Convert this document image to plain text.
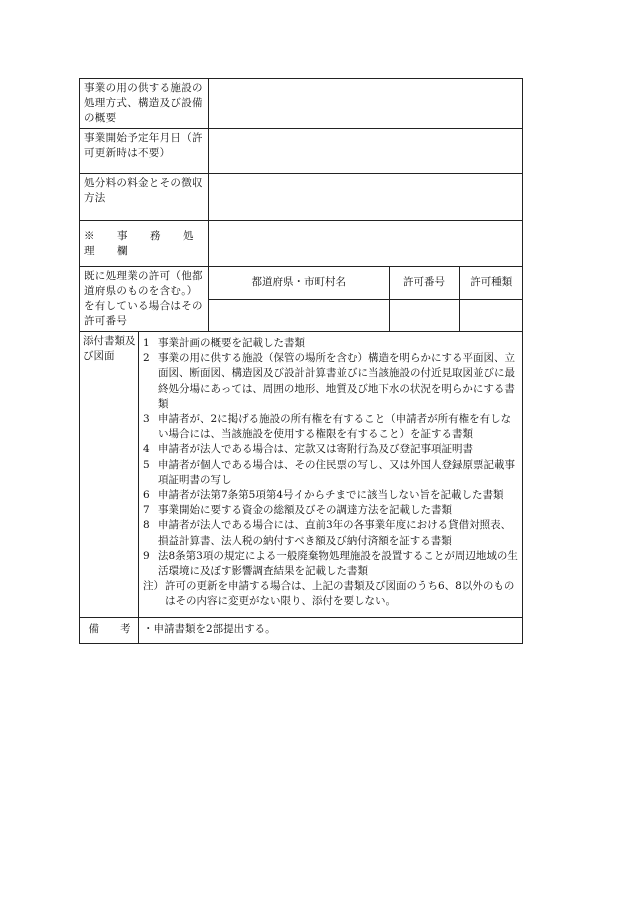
事業の用の供する施設の処理方式、構造及び設備の概要	
事業開始予定年月日（許可更新時は不要）	
処分料の料金とその徴収方法	
※　事　務　処　理　欄	
既に処理業の許可（他都道府県のものを含む。）を有している場合はその許可番号	
都道府県・市町村名	許可番号	許可種類

添付書類及び図面	
1 事業計画の概要を記載した書類
2 事業の用に供する施設（保管の場所を含む）構造を明らかにする平面図、立面図、断面図、構造図及び設計計算書並びに当該施設の付近見取図並びに最終処分場にあっては、周囲の地形、地質及び地下水の状況を明らかにする書類
3 申請者が、2に掲げる施設の所有権を有すること（申請者が所有権を有しない場合には、当該施設を使用する権限を有すること）を証する書類
4 申請者が法人である場合は、定款又は寄附行為及び登記事項証明書
5 申請者が個人である場合は、その住民票の写し、又は外国人登録原票記載事項証明書の写し
6 申請者が法第7条第5項第4号イからチまでに該当しない旨を記載した書類
7 事業開始に要する資金の総額及びその調達方法を記載した書類
8 申請者が法人である場合には、直前3年の各事業年度における貸借対照表、損益計算書、法人税の納付すべき額及び納付済額を証する書類
9 法8条第3項の規定による一般廃棄物処理施設を設置することが周辺地域の生活環境に及ぼす影響調査結果を記載した書類
注） 許可の更新を申請する場合は、上記の書類及び図面のうち6、8以外のものはその内容に変更がない限り、添付を要しない。

備　　考	・申請書類を2部提出する。
